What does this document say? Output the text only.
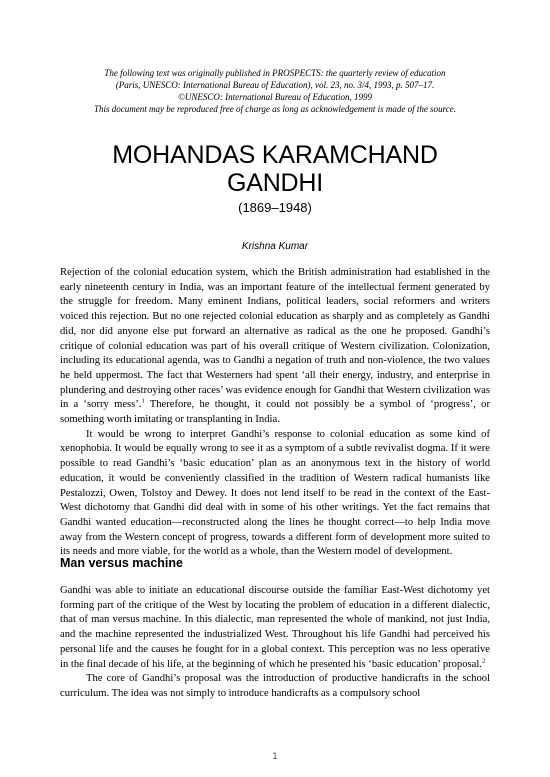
The following text was originally published in PROSPECTS: the quarterly review of education
(Paris, UNESCO: International Bureau of Education), vol. 23, no. 3/4, 1993, p. 507–17.
©UNESCO: International Bureau of Education, 1999
This document may be reproduced free of charge as long as acknowledgement is made of the source.
MOHANDAS KARAMCHAND
GANDHI
(1869–1948)
Krishna Kumar

Rejection of the colonial education system, which the British administration had established in the early nineteenth century in India, was an important feature of the intellectual ferment generated by the struggle for freedom. Many eminent Indians, political leaders, social reformers and writers voiced this rejection. But no one rejected colonial education as sharply and as completely as Gandhi did, nor did anyone else put forward an alternative as radical as the one he proposed. Gandhi’s critique of colonial education was part of his overall critique of Western civilization. Colonization, including its educational agenda, was to Gandhi a negation of truth and non-violence, the two values he held uppermost. The fact that Westerners had spent ‘all their energy, industry, and enterprise in plundering and destroying other races’ was evidence enough for Gandhi that Western civilization was in a ‘sorry mess’.$^1$ Therefore, he thought, it could not possibly be a symbol of ‘progress’, or something worth imitating or transplanting in India.

It would be wrong to interpret Gandhi’s response to colonial education as some kind of xenophobia. It would be equally wrong to see it as a symptom of a subtle revivalist dogma. If it were possible to read Gandhi’s ‘basic education’ plan as an anonymous text in the history of world education, it would be conveniently classified in the tradition of Western radical humanists like Pestalozzi, Owen, Tolstoy and Dewey. It does not lend itself to be read in the context of the East-West dichotomy that Gandhi did deal with in some of his other writings. Yet the fact remains that Gandhi wanted education—reconstructed along the lines he thought correct—to help India move away from the Western concept of progress, towards a different form of development more suited to its needs and more viable, for the world as a whole, than the Western model of development.

Man versus machine

Gandhi was able to initiate an educational discourse outside the familiar East-West dichotomy yet forming part of the critique of the West by locating the problem of education in a different dialectic, that of man versus machine. In this dialectic, man represented the whole of mankind, not just India, and the machine represented the industrialized West. Throughout his life Gandhi had perceived his personal life and the causes he fought for in a global context. This perception was no less operative in the final decade of his life, at the beginning of which he presented his ‘basic education’ proposal.$^2$

The core of Gandhi’s proposal was the introduction of productive handicrafts in the school curriculum. The idea was not simply to introduce handicrafts as a compulsory school

1
